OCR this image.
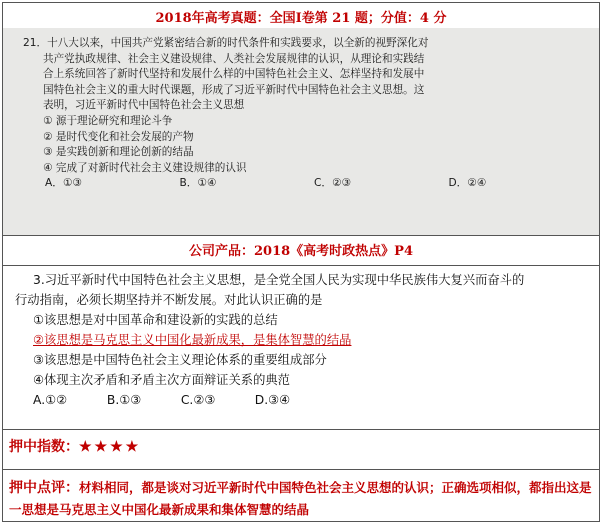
2018年高考真题：全国Ⅰ卷第 21 题；分值：4 分
21．十八大以来，中国共产党紧密结合新的时代条件和实践要求，以全新的视野深化对
共产党执政规律、社会主义建设规律、人类社会发展规律的认识，从理论和实践结
合上系统回答了新时代坚持和发展什么样的中国特色社会主义、怎样坚持和发展中
国特色社会主义的重大时代课题，形成了习近平新时代中国特色社会主义思想。这
表明，习近平新时代中国特色社会主义思想
① 源于理论研究和理论斗争
② 是时代变化和社会发展的产物
③ 是实践创新和理论创新的结晶
④ 完成了对新时代社会主义建设规律的认识
A．①③	B．①④	C．②③	D．②④
公司产品：2018《高考时政热点》P4
3.习近平新时代中国特色社会主义思想，是全党全国人民为实现中华民族伟大复兴而奋斗的
行动指南，必须长期坚持并不断发展。对此认识正确的是
①该思想是对中国革命和建设新的实践的总结
②该思想是马克思主义中国化最新成果，是集体智慧的结晶
③该思想是中国特色社会主义理论体系的重要组成部分
④体现主次矛盾和矛盾主次方面辩证关系的典范
A.①②	B.①③	C.②③	D.③④
押中指数：★★★★
押中点评：材料相同，都是谈对习近平新时代中国特色社会主义思想的认识；正确选项相似，都指出这是一思想是马克思主义中国化最新成果和集体智慧的结晶
